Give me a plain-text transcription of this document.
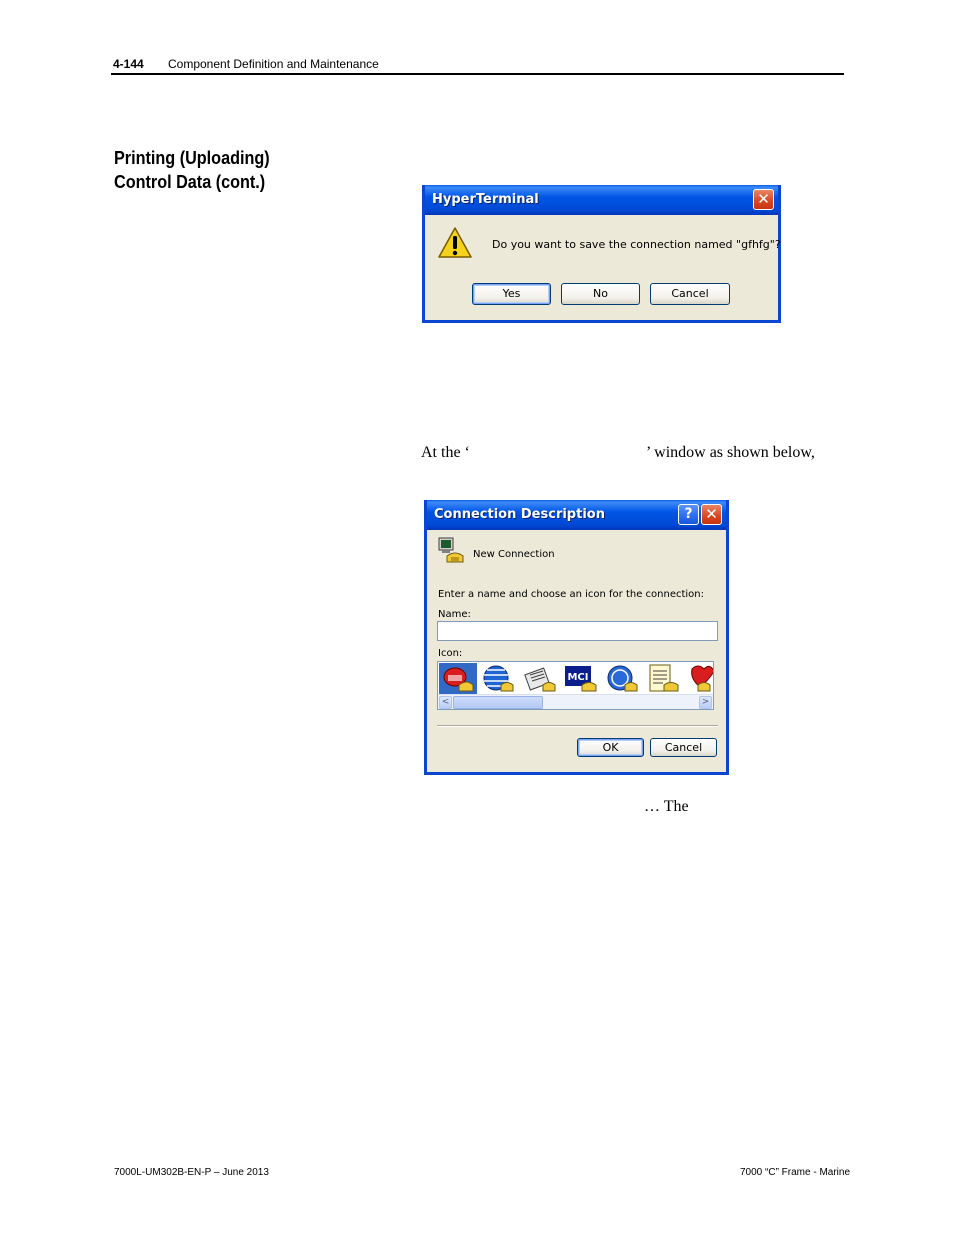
4-144 Component Definition and Maintenance
Printing (Uploading)
Control Data (cont.)
HyperTerminal	✕
Do you want to save the connection named "gfhfg"?
Yes	No	Cancel
At the ‘	’ window as shown below,
Connection Description	? ✕
New Connection
Enter a name and choose an icon for the connection:
Name:
Icon:
MCI
<	>
OK	Cancel
… The
7000L-UM302B-EN-P – June 2013	7000 “C” Frame - Marine
